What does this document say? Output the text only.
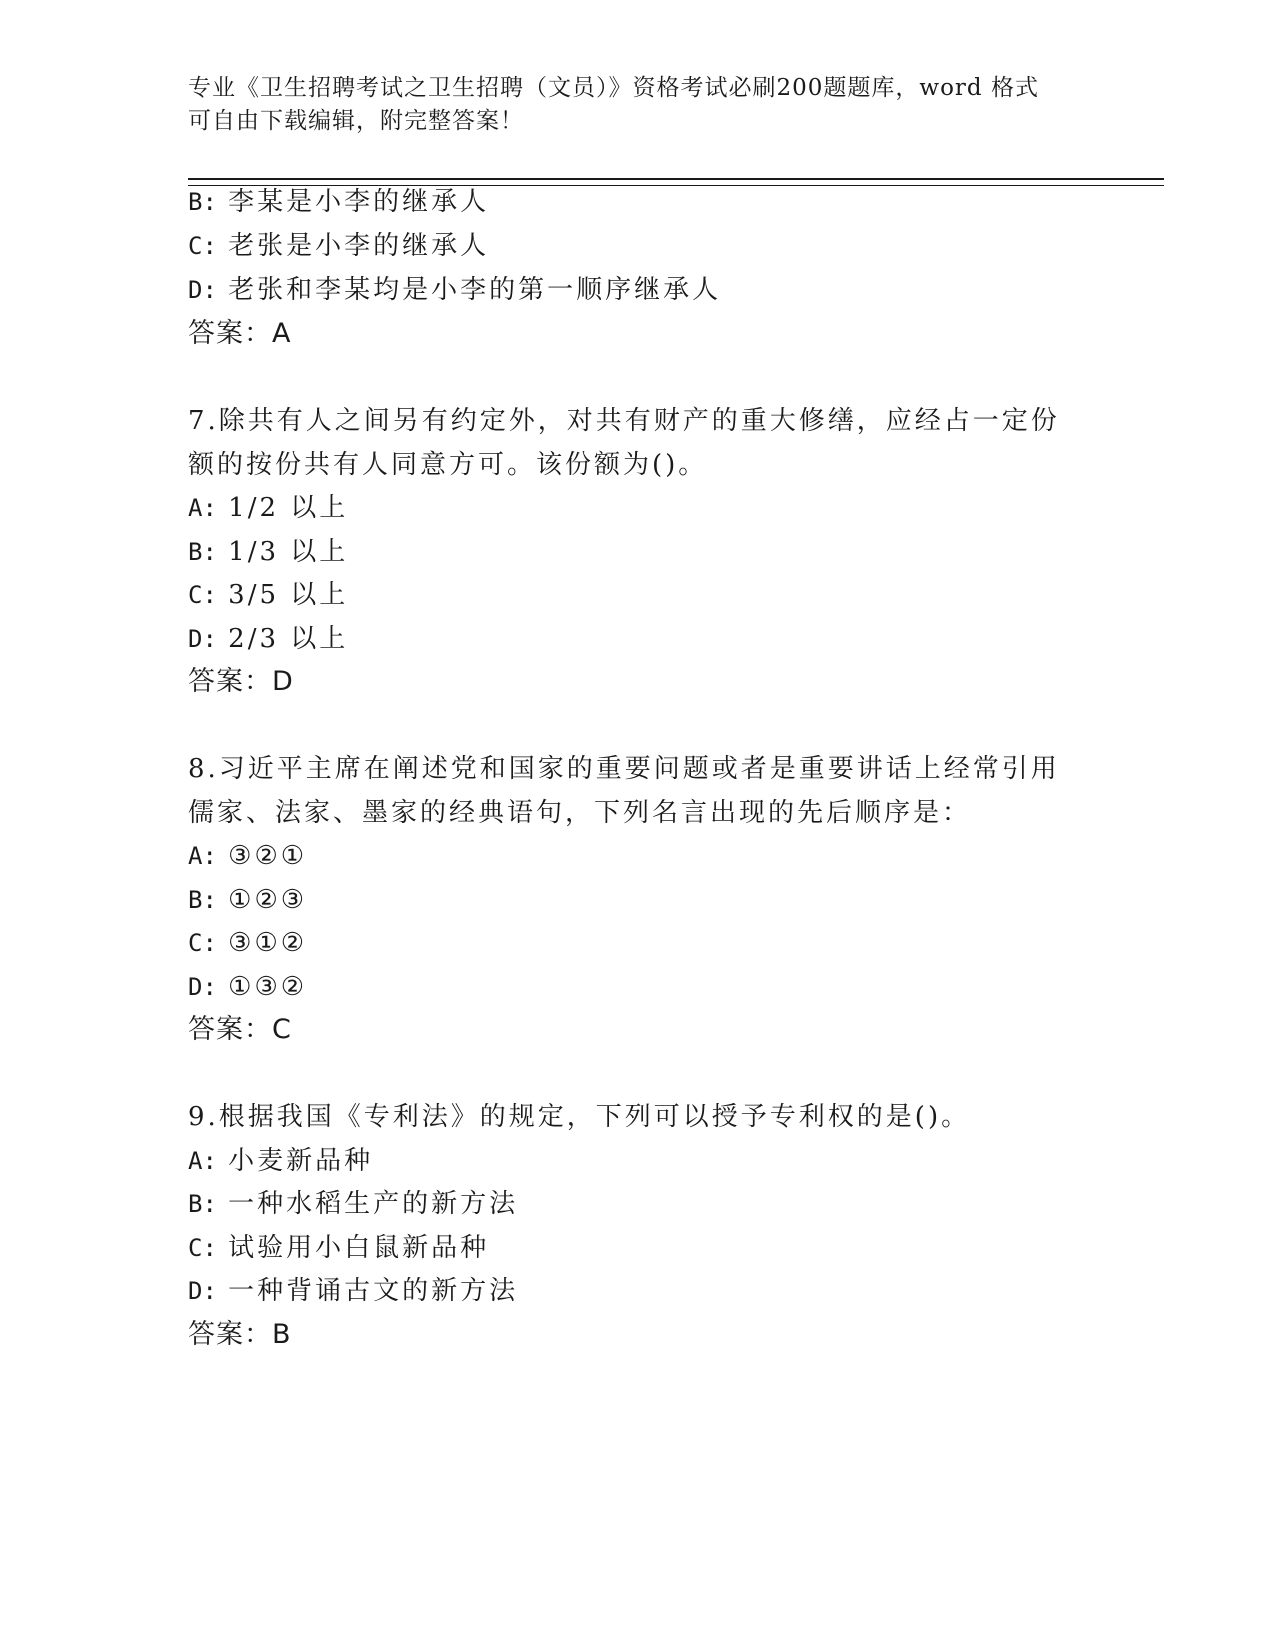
专业《卫生招聘考试之卫生招聘（文员）》资格考试必刷200题题库，word 格式
可自由下载编辑，附完整答案！
B: 李某是小李的继承人
C: 老张是小李的继承人
D: 老张和李某均是小李的第一顺序继承人
答案：A
7.除共有人之间另有约定外，对共有财产的重大修缮，应经占一定份
额的按份共有人同意方可。该份额为()。
A: 1/2 以上
B: 1/3 以上
C: 3/5 以上
D: 2/3 以上
答案：D
8.习近平主席在阐述党和国家的重要问题或者是重要讲话上经常引用
儒家、法家、墨家的经典语句，下列名言出现的先后顺序是：
A: ③②①
B: ①②③
C: ③①②
D: ①③②
答案：C
9.根据我国《专利法》的规定，下列可以授予专利权的是()。
A: 小麦新品种
B: 一种水稻生产的新方法
C: 试验用小白鼠新品种
D: 一种背诵古文的新方法
答案：B
